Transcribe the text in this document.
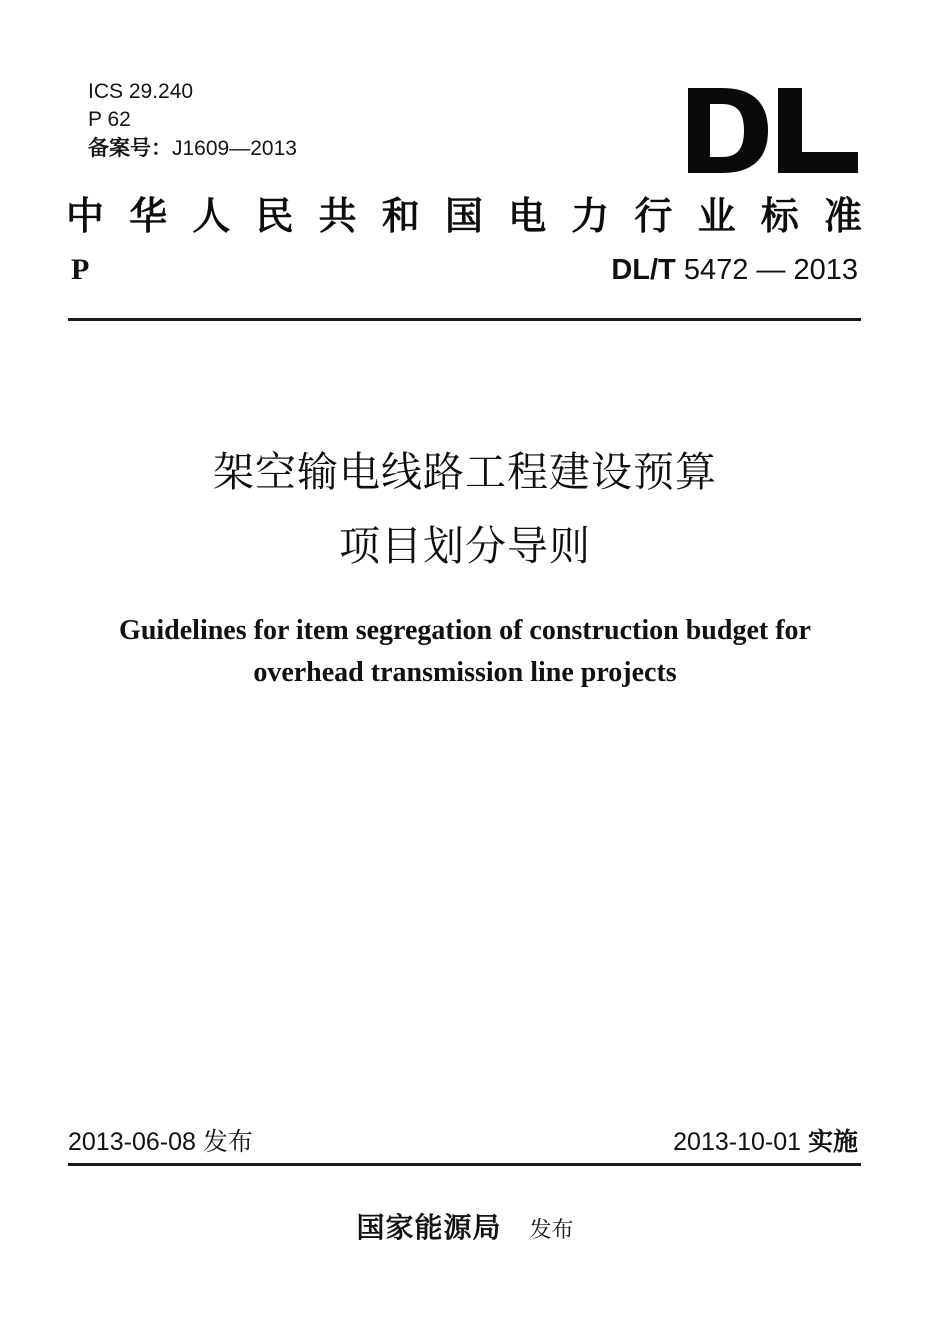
ICS 29.240
P 62
备案号：J1609—2013
中 华 人 民 共 和 国 电 力 行 业 标 准
P	DL/T 5472 — 2013
架空输电线路工程建设预算
项目划分导则
Guidelines for item segregation of construction budget for
overhead transmission line projects
2013-06-08 发布	2013-10-01 实施
国家能源局 发布
